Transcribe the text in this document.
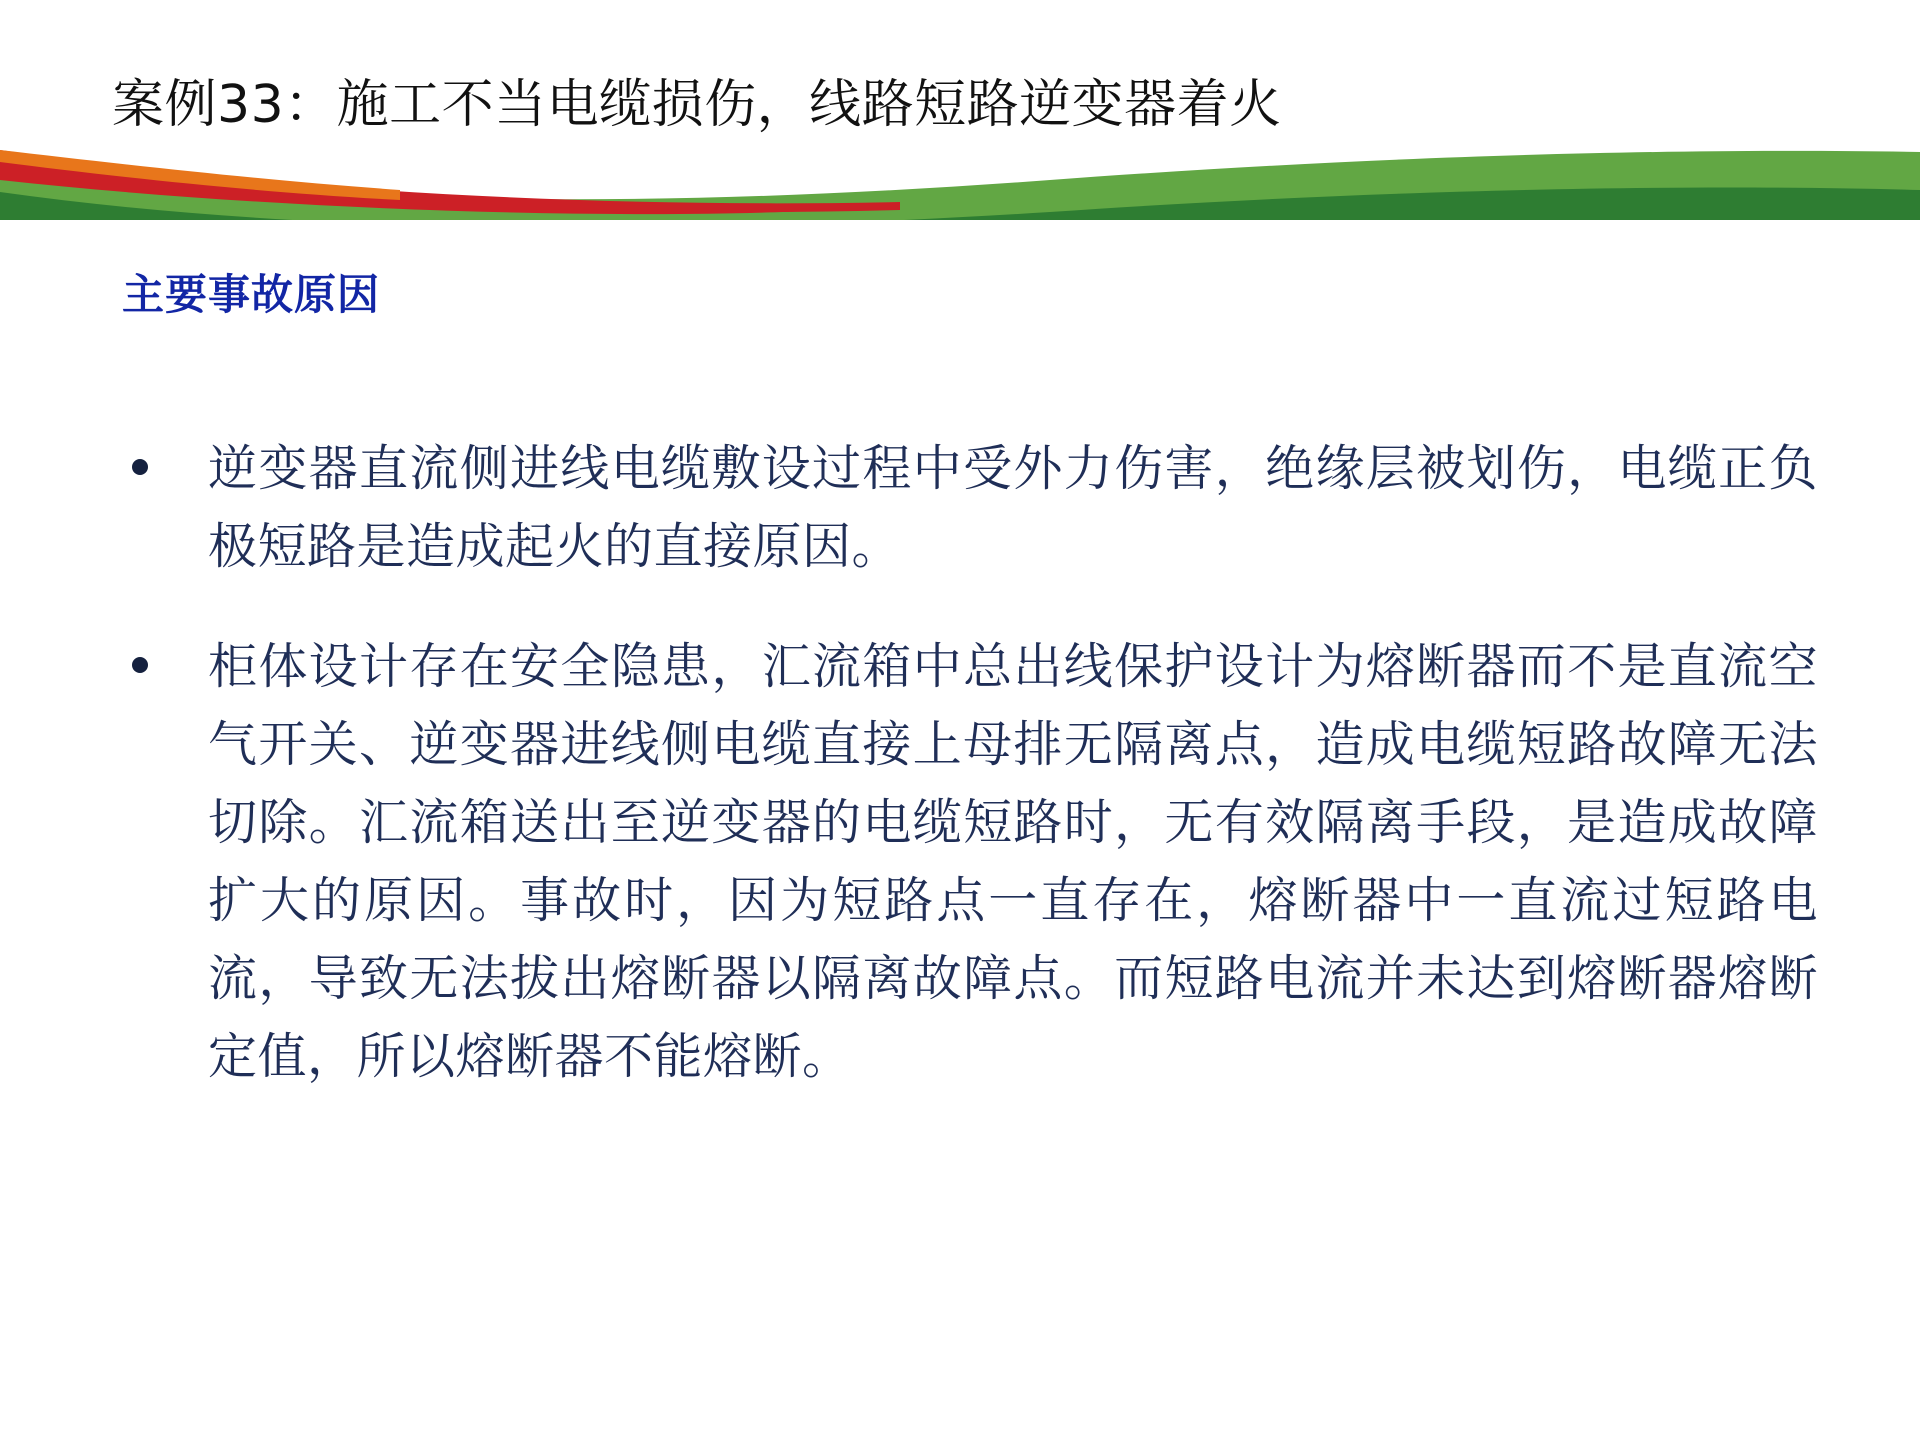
案例33：施工不当电缆损伤，线路短路逆变器着火
主要事故原因
逆变器直流侧进线电缆敷设过程中受外力伤害，绝缘层被划伤，电缆正负极短路是造成起火的直接原因。
柜体设计存在安全隐患，汇流箱中总出线保护设计为熔断器而不是直流空气开关、逆变器进线侧电缆直接上母排无隔离点，造成电缆短路故障无法切除。汇流箱送出至逆变器的电缆短路时，无有效隔离手段，是造成故障扩大的原因。事故时，因为短路点一直存在，熔断器中一直流过短路电流，导致无法拔出熔断器以隔离故障点。而短路电流并未达到熔断器熔断定值，所以熔断器不能熔断。
